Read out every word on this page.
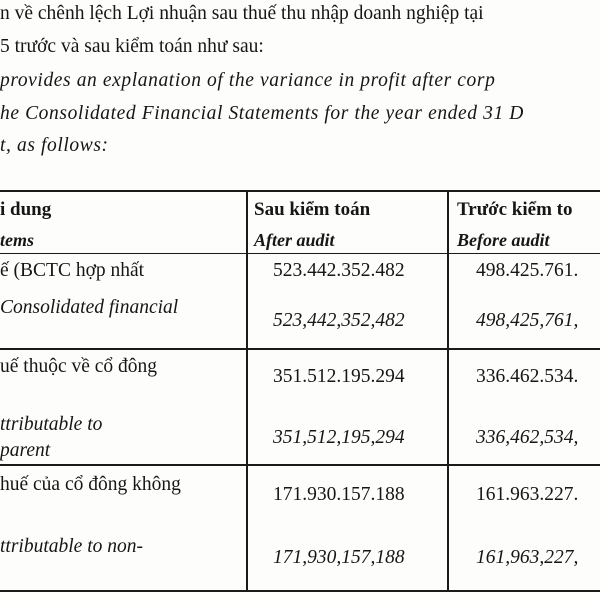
n về chênh lệch Lợi nhuận sau thuế thu nhập doanh nghiệp tại
5 trước và sau kiểm toán như sau:
provides an explanation of the variance in profit after corp
he Consolidated Financial Statements for the year ended 31 D
t, as follows:
i dung
tems
Sau kiểm toán
After audit
Trước kiểm to
Before audit
ế (BCTC hợp nhất
Consolidated financial
523.442.352.482
523,442,352,482
498.425.761.
498,425,761,
uế thuộc về cổ đông
ttributable to
parent
351.512.195.294
351,512,195,294
336.462.534.
336,462,534,
huế của cổ đông không
ttributable to non-
171.930.157.188
171,930,157,188
161.963.227.
161,963,227,
